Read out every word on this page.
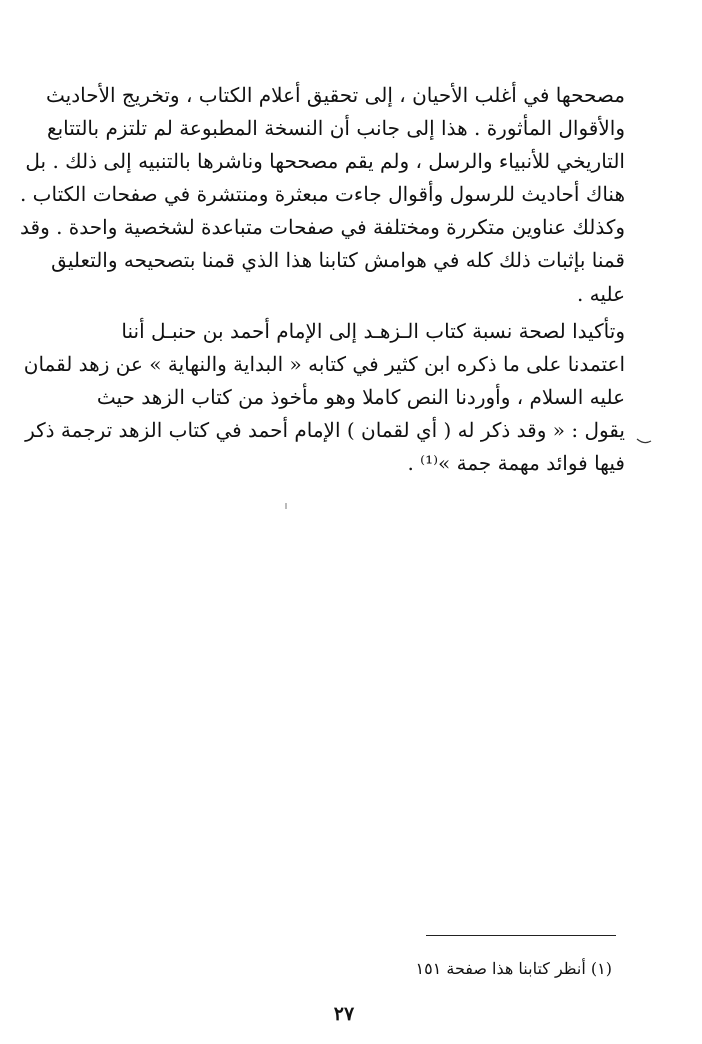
مصححها في أغلب الأحيان ، إلى تحقيق أعلام الكتاب ، وتخريج الأحاديث
والأقوال المأثورة . هذا إلى جانب أن النسخة المطبوعة لم تلتزم بالتتابع
التاريخي للأنبياء والرسل ، ولم يقم مصححها وناشرها بالتنبيه إلى ذلك . بل
هناك أحاديث للرسول وأقوال جاءت مبعثرة ومنتشرة في صفحات الكتاب .
وكذلك عناوين متكررة ومختلفة في صفحات متباعدة لشخصية واحدة . وقد
قمنا بإثبات ذلك كله في هوامش كتابنا هذا الذي قمنا بتصحيحه والتعليق
عليه .
وتأكيدا لصحة نسبة كتاب الـزهـد إلى الإمام أحمد بن حنبـل أننا
اعتمدنا على ما ذكره ابن كثير في كتابه « البداية والنهاية » عن زهد لقمان
عليه السلام ، وأوردنا النص كاملا وهو مأخوذ من كتاب الزهد حيث
يقول : « وقد ذكر له ( أي لقمان ) الإمام أحمد في كتاب الزهد ترجمة ذكر
فيها فوائد مهمة جمة »⁽¹⁾ .
(١) أنظر كتابنا هذا صفحة ١٥١
٢٧
